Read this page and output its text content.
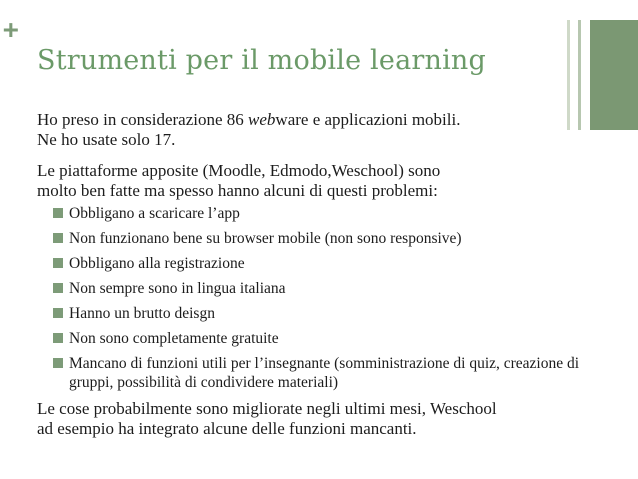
+
Strumenti per il mobile learning

Ho preso in considerazione 86 webware e applicazioni mobili.
Ne ho usate solo 17.

Le piattaforme apposite (Moodle, Edmodo,Weschool) sono
molto ben fatte ma spesso hanno alcuni di questi problemi:

Obbligano a scaricare l’app
Non funzionano bene su browser mobile (non sono responsive)
Obbligano alla registrazione
Non sempre sono in lingua italiana
Hanno un brutto deisgn
Non sono completamente gratuite
Mancano di funzioni utili per l’insegnante (somministrazione di quiz, creazione di gruppi, possibilità di condividere materiali)

Le cose probabilmente sono migliorate negli ultimi mesi, Weschool
ad esempio ha integrato alcune delle funzioni mancanti.
